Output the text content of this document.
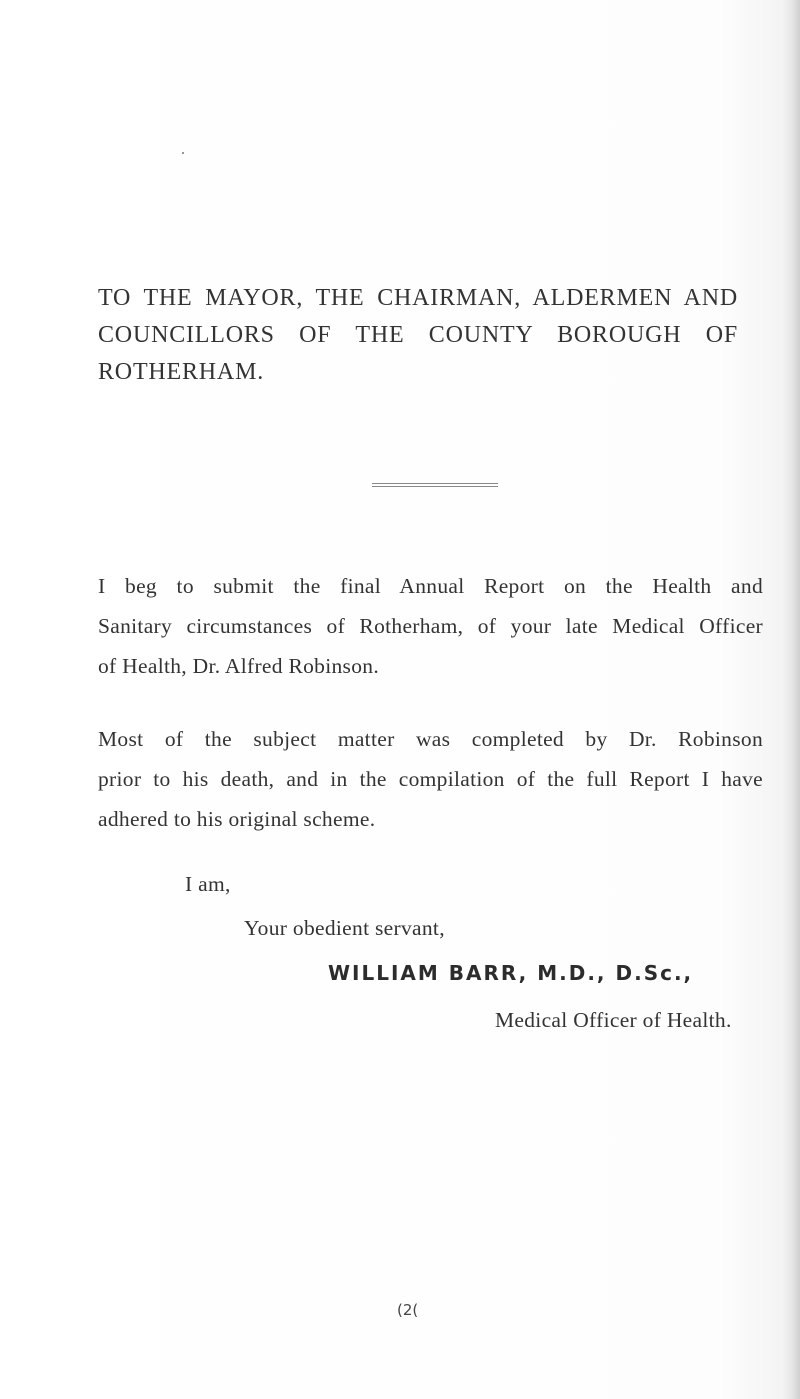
TO THE MAYOR, THE CHAIRMAN, ALDERMEN AND
COUNCILLORS OF THE COUNTY BOROUGH OF
ROTHERHAM.
I beg to submit the final Annual Report on the Health and
Sanitary circumstances of Rotherham, of your late Medical Officer
of Health, Dr. Alfred Robinson.
Most of the subject matter was completed by Dr. Robinson
prior to his death, and in the compilation of the full Report I have
adhered to his original scheme.
I am,
Your obedient servant,
WILLIAM BARR, M.D., D.Sc.,
Medical Officer of Health.
(2(
